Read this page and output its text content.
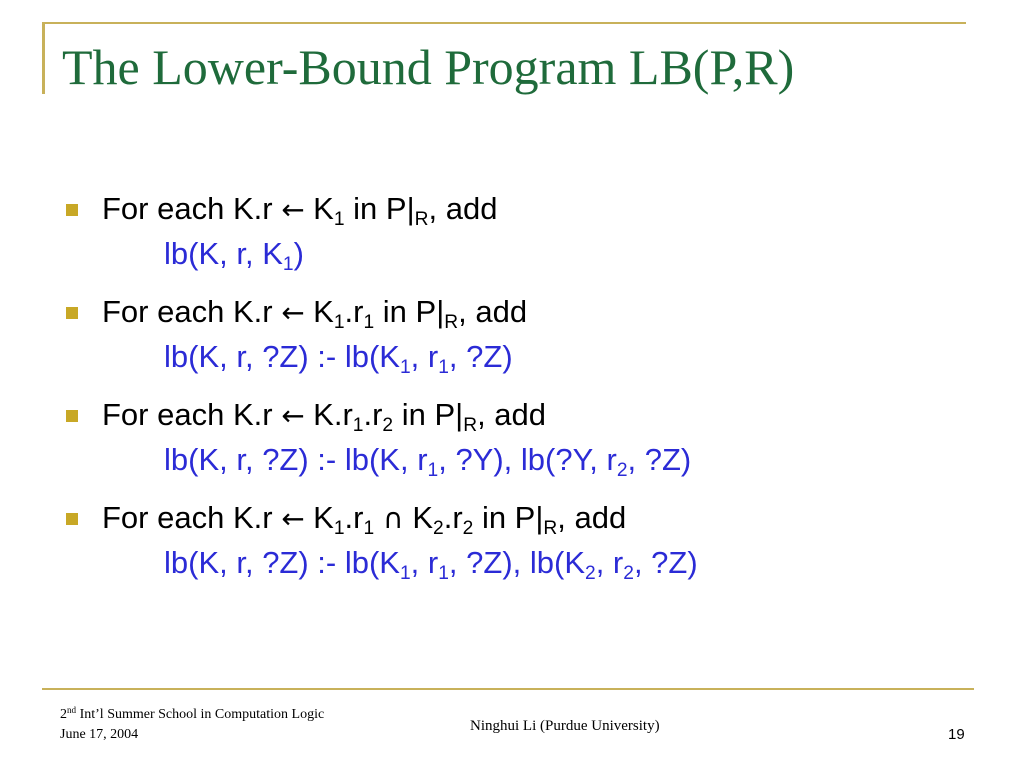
The Lower-Bound Program LB(P,R)
For each K.r ← $K_1$ in $P|_R$, add
lb(K, r, $K_1$)
For each K.r ← $K_1.r_1$ in $P|_R$, add
lb(K, r, ?Z) :- $lb(K_1$, $r_1$, ?Z)
For each K.r ← $K.r_1.r_2$ in $P|_R$, add
lb(K, r, ?Z) :- lb(K, $r_1$, ?Y), lb(?Y, $r_2$, ?Z)
For each K.r ← $K_1.r_1$ ∩ $K_2.r_2$ in $P|_R$, add
lb(K, r, ?Z) :- $lb(K_1$, $r_1$, ?Z), $lb(K_2$, $r_2$, ?Z)
2nd Int’l Summer School in Computation Logic
June 17, 2004
Ninghui Li (Purdue University)	19
